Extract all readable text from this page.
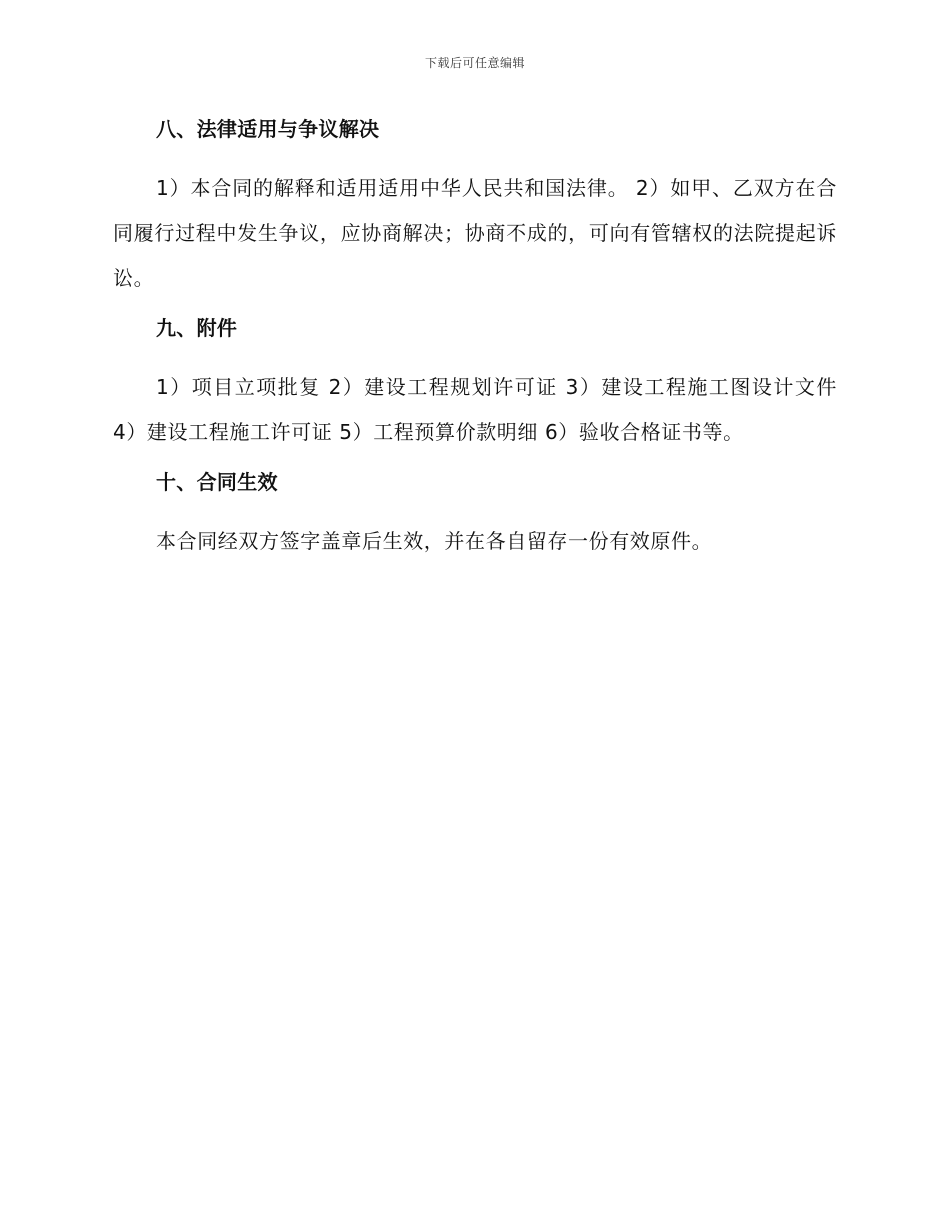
下载后可任意编辑
八、法律适用与争议解决
1）本合同的解释和适用适用中华人民共和国法律。 2）如甲、乙双方在合同履行过程中发生争议，应协商解决；协商不成的，可向有管辖权的法院提起诉讼。
九、附件
1）项目立项批复 2）建设工程规划许可证 3）建设工程施工图设计文件 4）建设工程施工许可证 5）工程预算价款明细 6）验收合格证书等。
十、合同生效
本合同经双方签字盖章后生效，并在各自留存一份有效原件。
